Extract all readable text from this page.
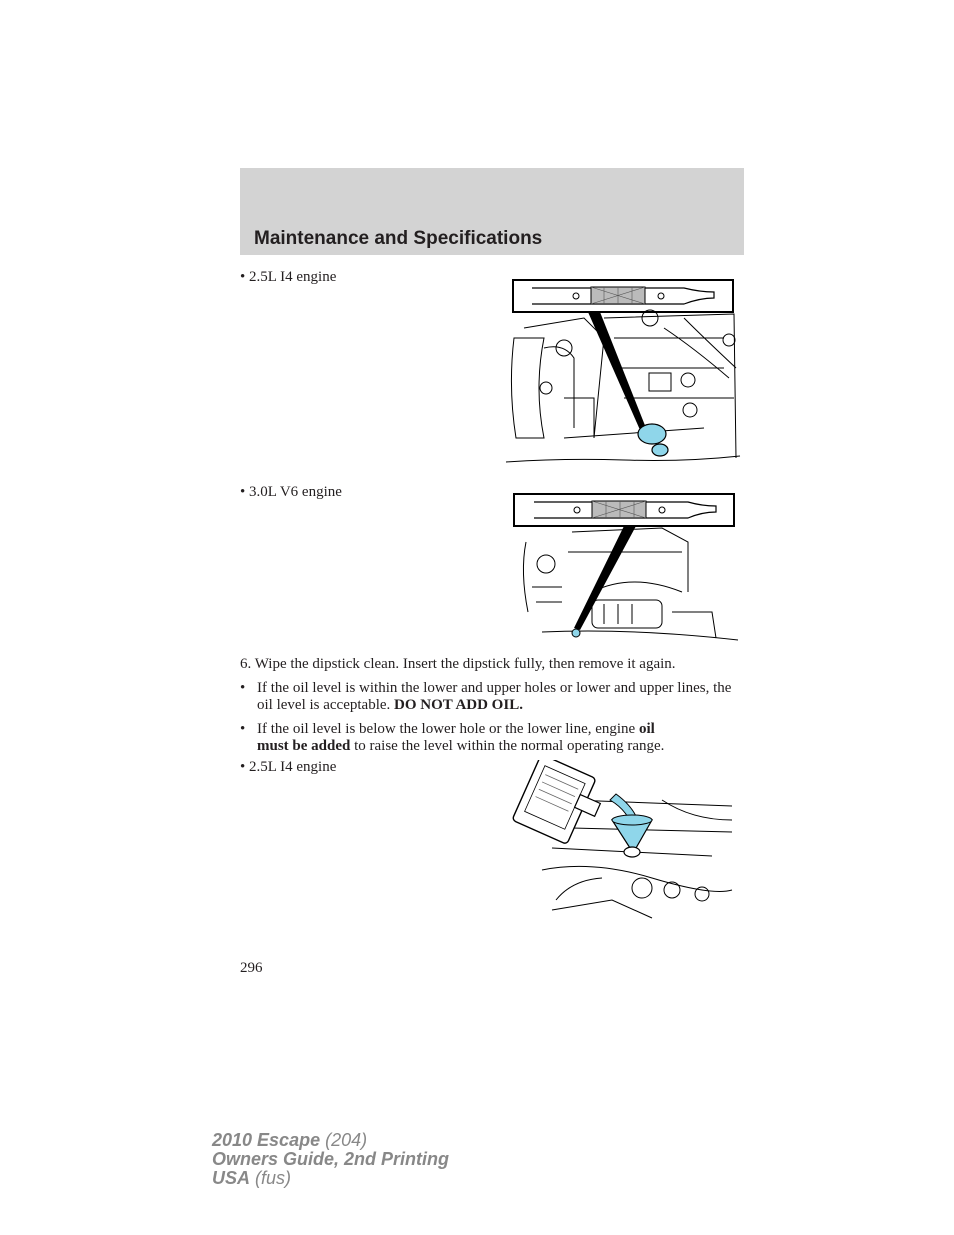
Maintenance and Specifications
• 2.5L I4 engine
• 3.0L V6 engine
6. Wipe the dipstick clean. Insert the dipstick fully, then remove it again.
• If the oil level is within the lower and upper holes or lower and upper lines, the oil level is acceptable. DO NOT ADD OIL.
• If the oil level is below the lower hole or the lower line, engine oil
must be added to raise the level within the normal operating range.
• 2.5L I4 engine
296
2010 Escape (204)
Owners Guide, 2nd Printing
USA (fus)
